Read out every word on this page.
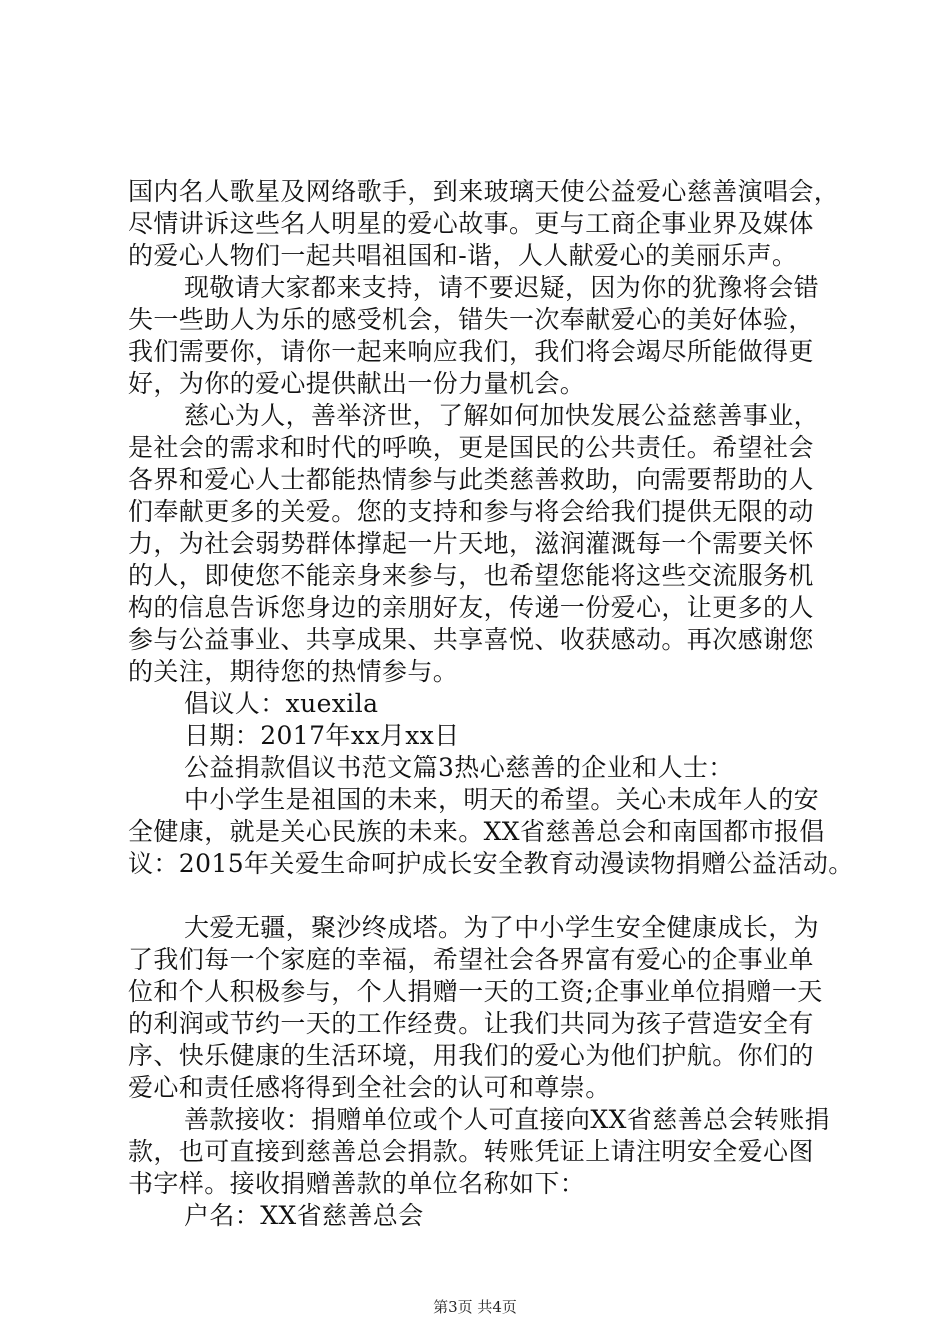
国内名人歌星及网络歌手，到来玻璃天使公益爱心慈善演唱会，
尽情讲诉这些名人明星的爱心故事。更与工商企事业界及媒体
的爱心人物们一起共唱祖国和-谐，人人献爱心的美丽乐声。
现敬请大家都来支持，请不要迟疑，因为你的犹豫将会错
失一些助人为乐的感受机会，错失一次奉献爱心的美好体验，
我们需要你，请你一起来响应我们，我们将会竭尽所能做得更
好，为你的爱心提供献出一份力量机会。
慈心为人，善举济世，了解如何加快发展公益慈善事业，
是社会的需求和时代的呼唤，更是国民的公共责任。希望社会
各界和爱心人士都能热情参与此类慈善救助，向需要帮助的人
们奉献更多的关爱。您的支持和参与将会给我们提供无限的动
力，为社会弱势群体撑起一片天地，滋润灌溉每一个需要关怀
的人，即使您不能亲身来参与，也希望您能将这些交流服务机
构的信息告诉您身边的亲朋好友，传递一份爱心，让更多的人
参与公益事业、共享成果、共享喜悦、收获感动。再次感谢您
的关注，期待您的热情参与。
倡议人：xuexila
日期：2017年xx月xx日
公益捐款倡议书范文篇3热心慈善的企业和人士：
中小学生是祖国的未来，明天的希望。关心未成年人的安
全健康，就是关心民族的未来。XX省慈善总会和南国都市报倡
议：2015年关爱生命呵护成长安全教育动漫读物捐赠公益活动。
大爱无疆，聚沙终成塔。为了中小学生安全健康成长，为
了我们每一个家庭的幸福，希望社会各界富有爱心的企事业单
位和个人积极参与，个人捐赠一天的工资;企事业单位捐赠一天
的利润或节约一天的工作经费。让我们共同为孩子营造安全有
序、快乐健康的生活环境，用我们的爱心为他们护航。你们的
爱心和责任感将得到全社会的认可和尊崇。
善款接收：捐赠单位或个人可直接向XX省慈善总会转账捐
款，也可直接到慈善总会捐款。转账凭证上请注明安全爱心图
书字样。接收捐赠善款的单位名称如下：
户名：XX省慈善总会
第3页 共4页
